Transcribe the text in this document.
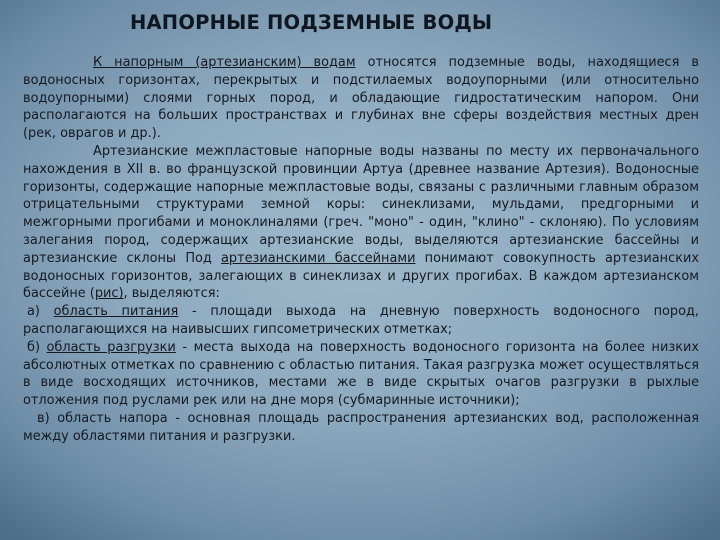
НАПОРНЫЕ ПОДЗЕМНЫЕ ВОДЫ

К напорным (артезианским) водам относятся подземные воды, находящиеся в водоносных горизонтах, перекрытых и подстилаемых водоупорными (или относительно водоупорными) слоями горных пород, и обладающие гидростатическим напором. Они располагаются на больших пространствах и глубинах вне сферы воздействия местных дрен (рек, оврагов и др.).

Артезианские межпластовые напорные воды названы по месту их первоначального нахождения в XII в. во французской провинции Артуа (древнее название Артезия). Водоносные горизонты, содержащие напорные межпластовые воды, связаны с различными главным образом отрицательными структурами земной коры: синеклизами, мульдами, предгорными и межгорными прогибами и моноклиналями (греч. "моно" - один, "клино" - склоняю). По условиям залегания пород, содержащих артезианские воды, выделяются артезианские бассейны и артезианские склоны Под артезианскими бассейнами понимают совокупность артезианских водоносных горизонтов, залегающих в синеклизах и других прогибах. В каждом артезианском бассейне (рис), выделяются:

а) область питания - площади выхода на дневную поверхность водоносного пород, располагающихся на наивысших гипсометрических отметках;

б) область разгрузки - места выхода на поверхность водоносного горизонта на более низких абсолютных отметках по сравнению с областью питания. Такая разгрузка может осуществляться в виде восходящих источников, местами же в виде скрытых очагов разгрузки в рыхлые отложения под руслами рек или на дне моря (субмаринные источники);

в) область напора - основная площадь распространения артезианских вод, расположенная между областями питания и разгрузки.
